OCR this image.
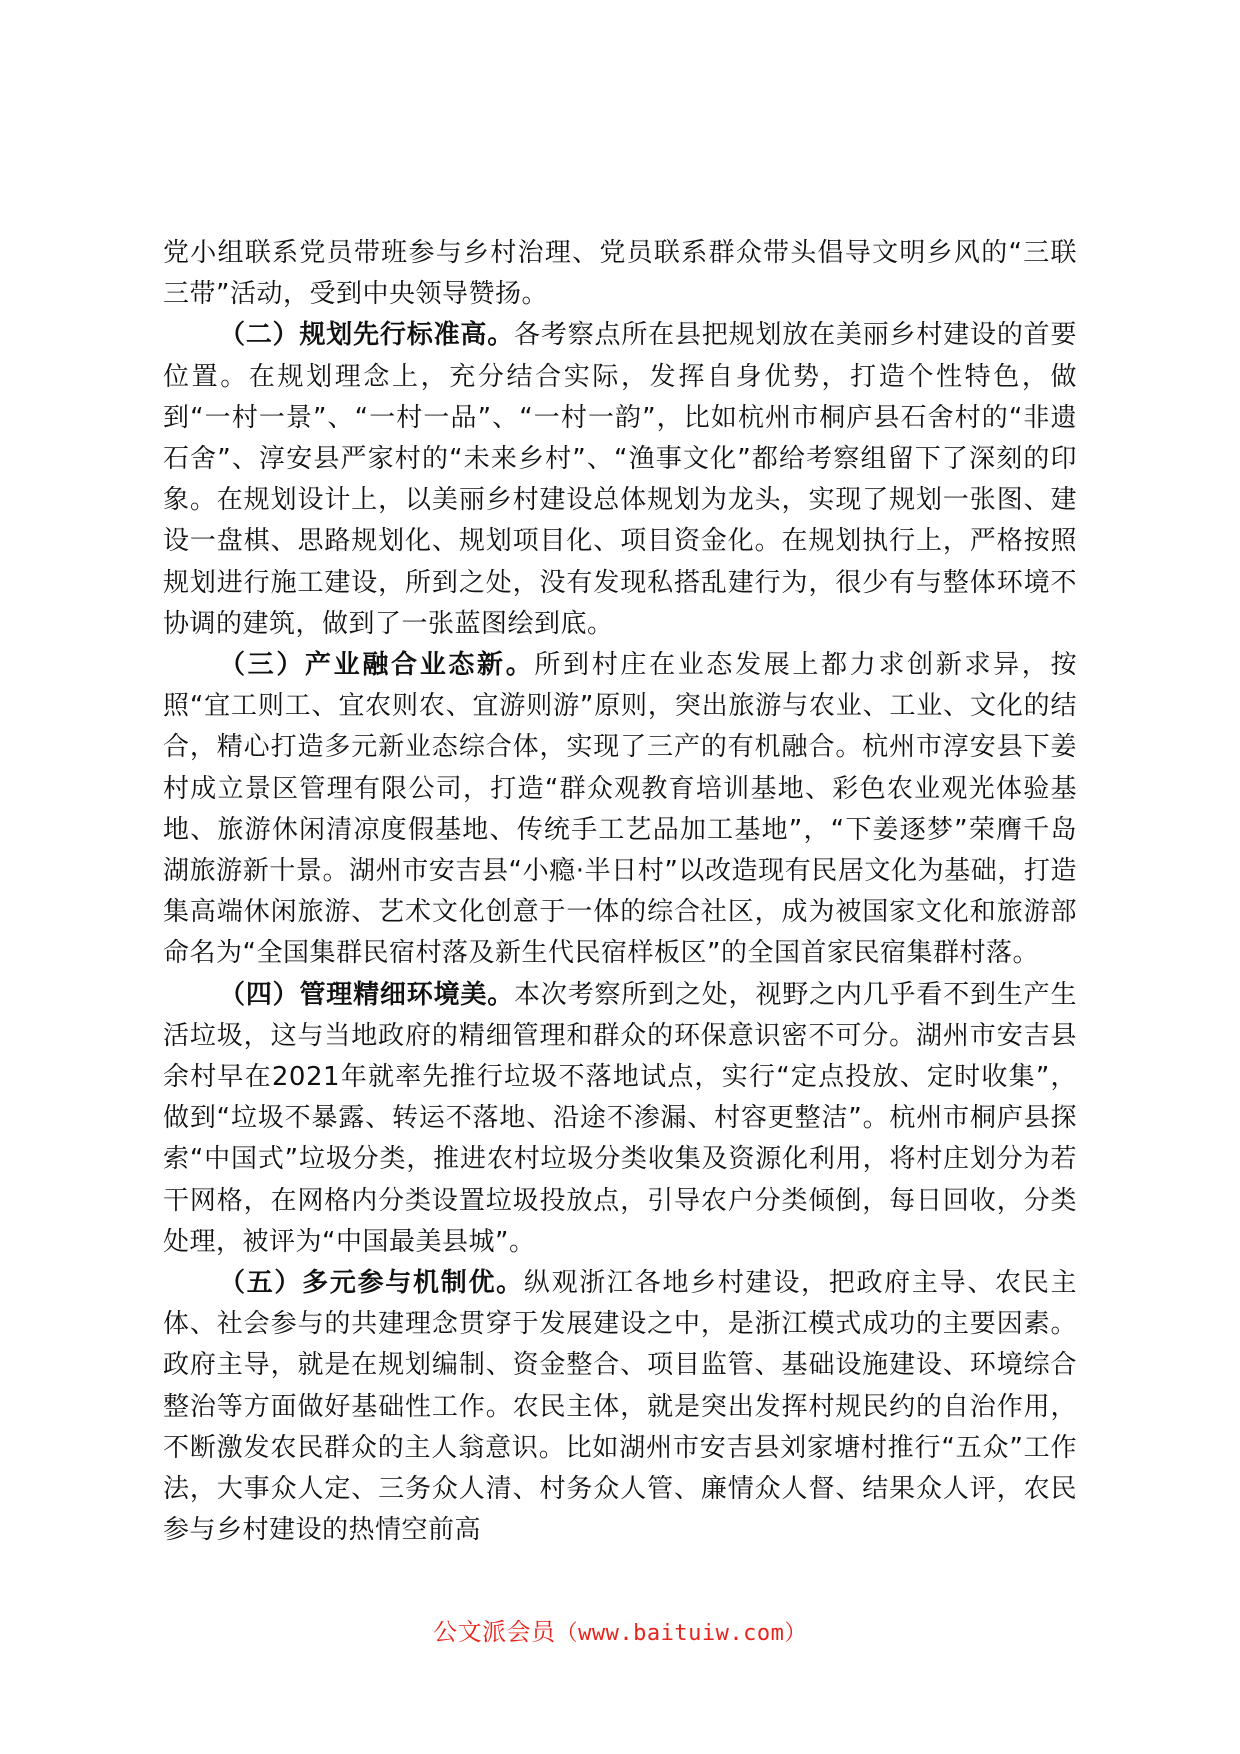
党小组联系党员带班参与乡村治理、党员联系群众带头倡导文明乡风的“三联三带”活动，受到中央领导赞扬。

（二）规划先行标准高。各考察点所在县把规划放在美丽乡村建设的首要位置。在规划理念上，充分结合实际，发挥自身优势，打造个性特色，做到“一村一景”、“一村一品”、“一村一韵”，比如杭州市桐庐县石舍村的“非遗石舍”、淳安县严家村的“未来乡村”、“渔事文化”都给考察组留下了深刻的印象。在规划设计上，以美丽乡村建设总体规划为龙头，实现了规划一张图、建设一盘棋、思路规划化、规划项目化、项目资金化。在规划执行上，严格按照规划进行施工建设，所到之处，没有发现私搭乱建行为，很少有与整体环境不协调的建筑，做到了一张蓝图绘到底。

（三）产业融合业态新。所到村庄在业态发展上都力求创新求异，按照“宜工则工、宜农则农、宜游则游”原则，突出旅游与农业、工业、文化的结合，精心打造多元新业态综合体，实现了三产的有机融合。杭州市淳安县下姜村成立景区管理有限公司，打造“群众观教育培训基地、彩色农业观光体验基地、旅游休闲清凉度假基地、传统手工艺品加工基地”，“下姜逐梦”荣膺千岛湖旅游新十景。湖州市安吉县“小瘾·半日村”以改造现有民居文化为基础，打造集高端休闲旅游、艺术文化创意于一体的综合社区，成为被国家文化和旅游部命名为“全国集群民宿村落及新生代民宿样板区”的全国首家民宿集群村落。

（四）管理精细环境美。本次考察所到之处，视野之内几乎看不到生产生活垃圾，这与当地政府的精细管理和群众的环保意识密不可分。湖州市安吉县余村早在2021年就率先推行垃圾不落地试点，实行“定点投放、定时收集”，做到“垃圾不暴露、转运不落地、沿途不渗漏、村容更整洁”。杭州市桐庐县探索“中国式”垃圾分类，推进农村垃圾分类收集及资源化利用，将村庄划分为若干网格，在网格内分类设置垃圾投放点，引导农户分类倾倒，每日回收，分类处理，被评为“中国最美县城”。

（五）多元参与机制优。纵观浙江各地乡村建设，把政府主导、农民主体、社会参与的共建理念贯穿于发展建设之中，是浙江模式成功的主要因素。政府主导，就是在规划编制、资金整合、项目监管、基础设施建设、环境综合整治等方面做好基础性工作。农民主体，就是突出发挥村规民约的自治作用，不断激发农民群众的主人翁意识。比如湖州市安吉县刘家塘村推行“五众”工作法，大事众人定、三务众人清、村务众人管、廉情众人督、结果众人评，农民参与乡村建设的热情空前高

公文派会员（www.baituiw.com）
